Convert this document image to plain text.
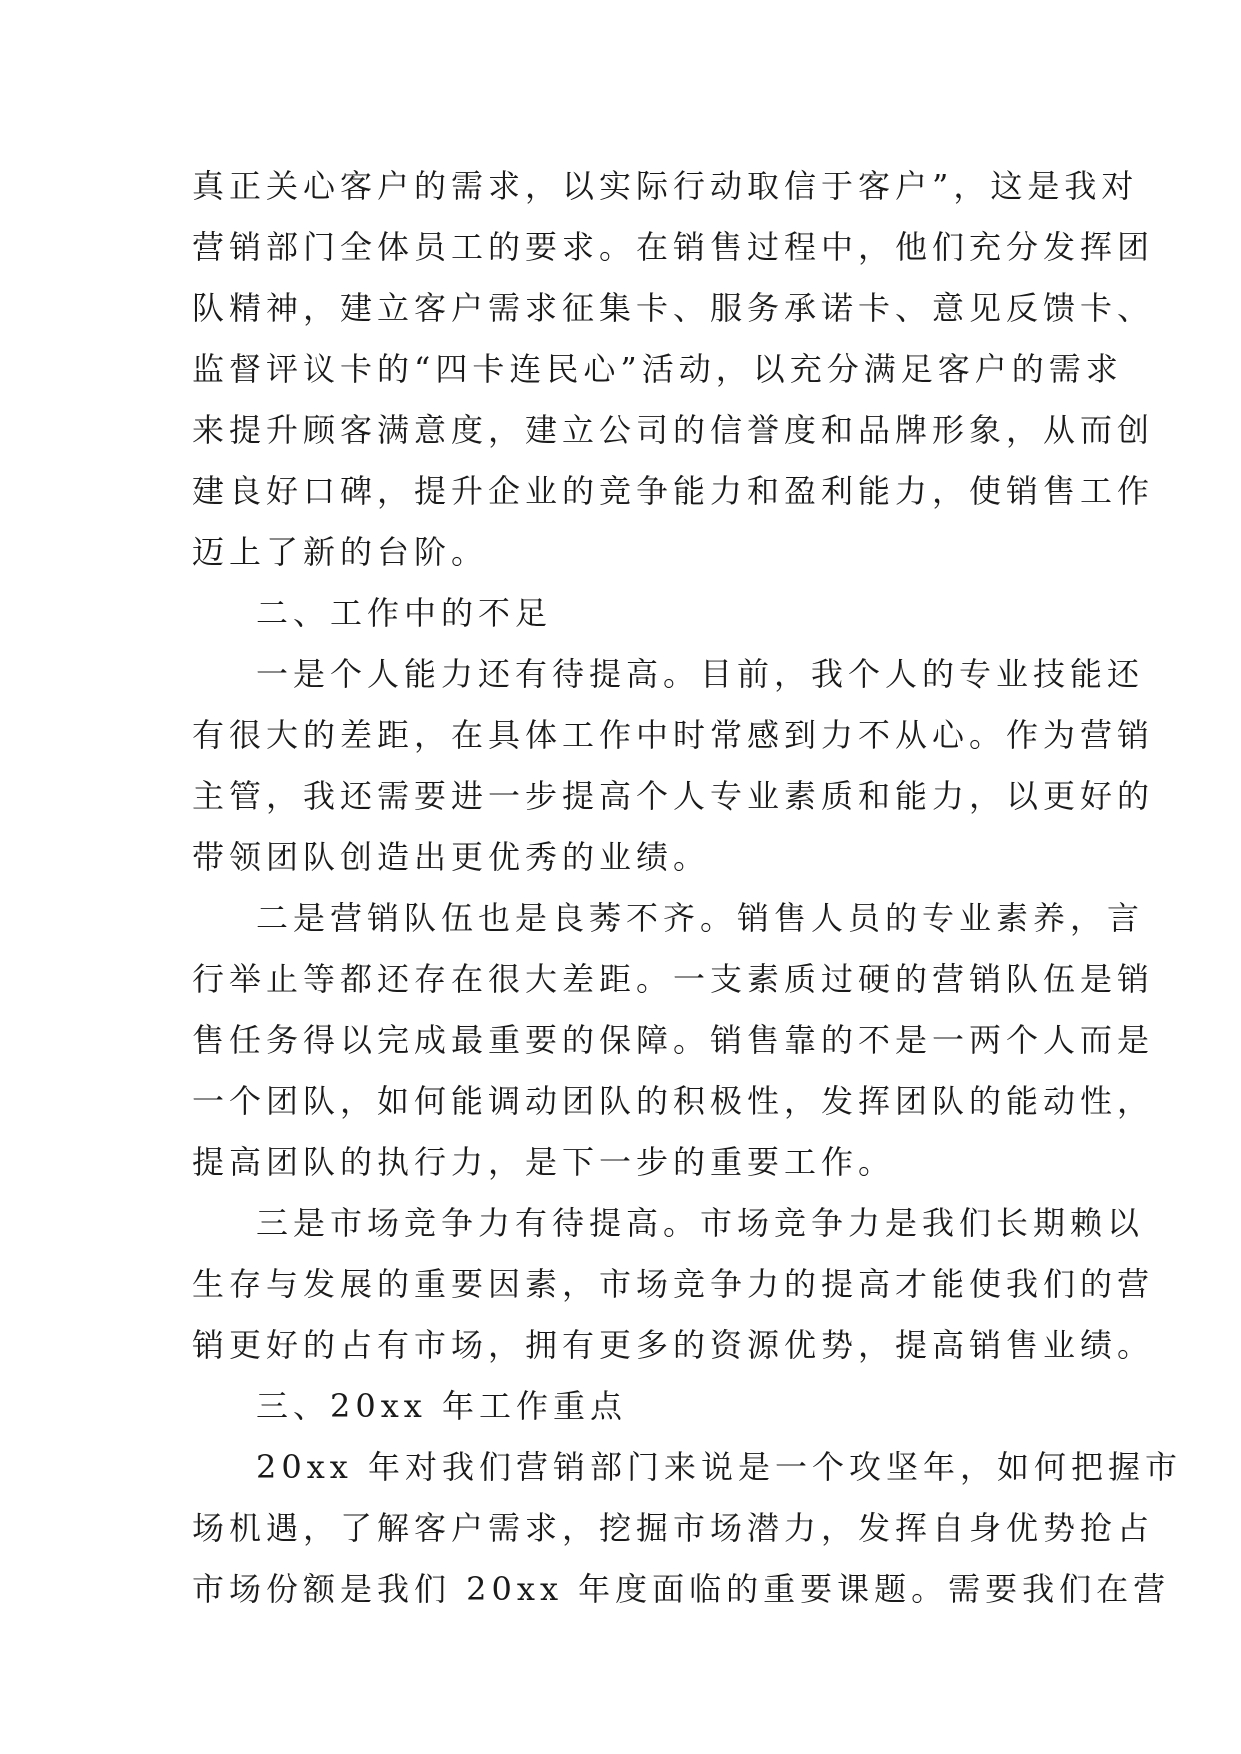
真正关心客户的需求，以实际行动取信于客户”，这是我对
营销部门全体员工的要求。在销售过程中，他们充分发挥团
队精神，建立客户需求征集卡、服务承诺卡、意见反馈卡、
监督评议卡的“四卡连民心”活动，以充分满足客户的需求
来提升顾客满意度，建立公司的信誉度和品牌形象，从而创
建良好口碑，提升企业的竞争能力和盈利能力，使销售工作
迈上了新的台阶。
二、工作中的不足
一是个人能力还有待提高。目前，我个人的专业技能还
有很大的差距，在具体工作中时常感到力不从心。作为营销
主管，我还需要进一步提高个人专业素质和能力，以更好的
带领团队创造出更优秀的业绩。
二是营销队伍也是良莠不齐。销售人员的专业素养，言
行举止等都还存在很大差距。一支素质过硬的营销队伍是销
售任务得以完成最重要的保障。销售靠的不是一两个人而是
一个团队，如何能调动团队的积极性，发挥团队的能动性，
提高团队的执行力，是下一步的重要工作。
三是市场竞争力有待提高。市场竞争力是我们长期赖以
生存与发展的重要因素，市场竞争力的提高才能使我们的营
销更好的占有市场，拥有更多的资源优势，提高销售业绩。
三、20xx 年工作重点
20xx 年对我们营销部门来说是一个攻坚年，如何把握市
场机遇，了解客户需求，挖掘市场潜力，发挥自身优势抢占
市场份额是我们 20xx 年度面临的重要课题。需要我们在营
